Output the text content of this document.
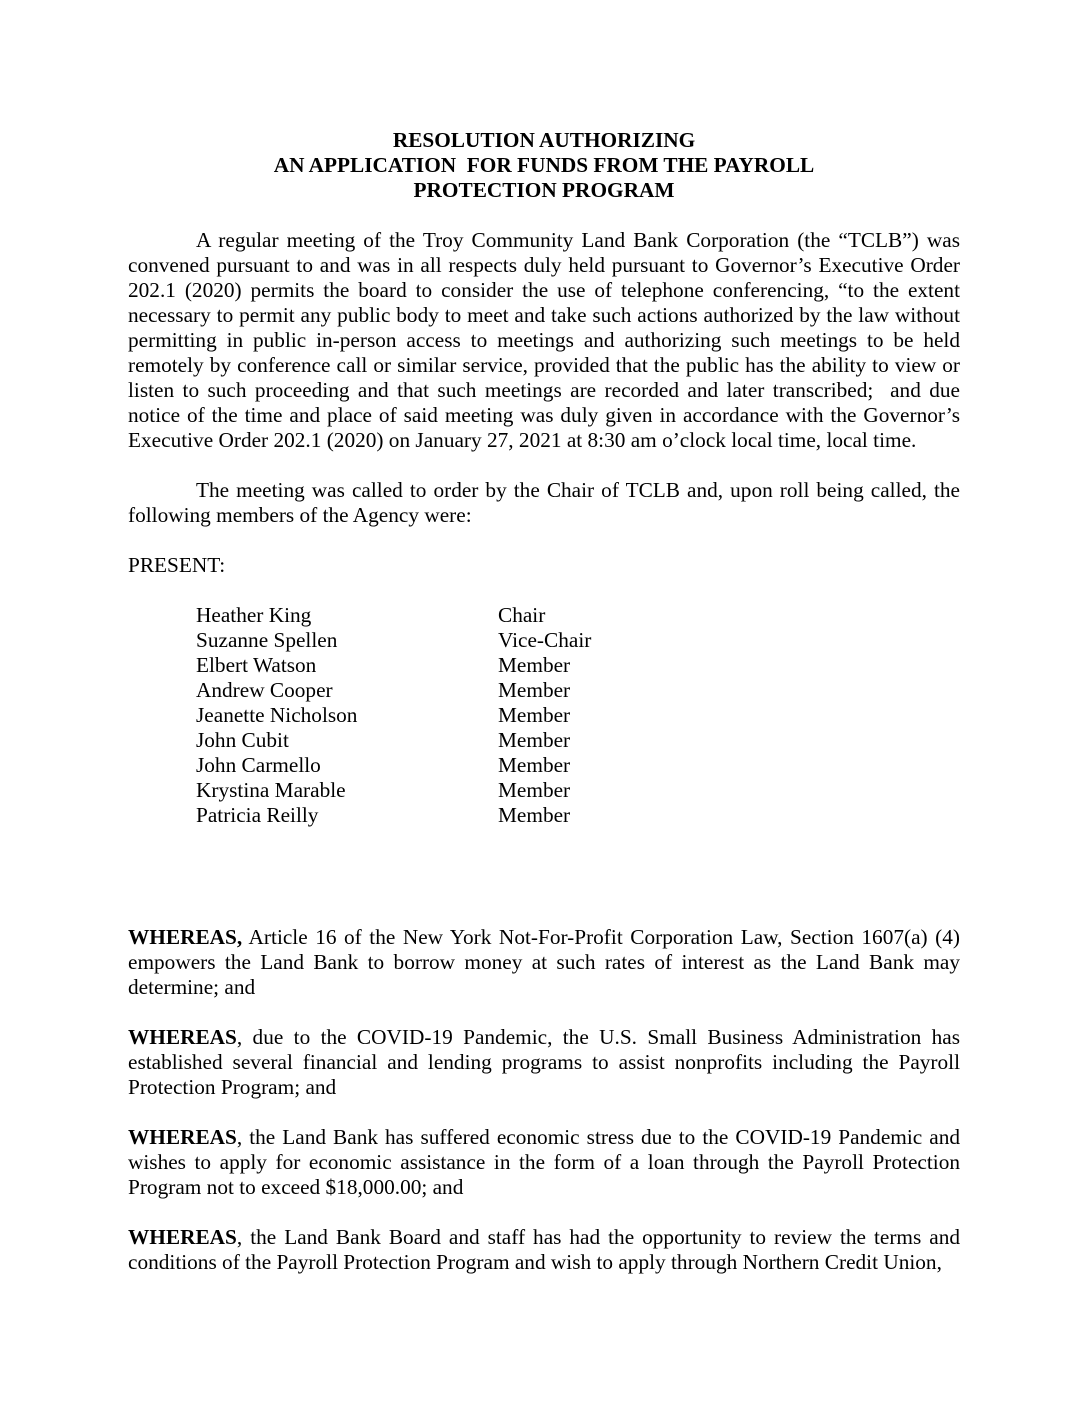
RESOLUTION AUTHORIZING
AN APPLICATION  FOR FUNDS FROM THE PAYROLL
PROTECTION PROGRAM

A regular meeting of the Troy Community Land Bank Corporation (the “TCLB”) was convened pursuant to and was in all respects duly held pursuant to Governor’s Executive Order 202.1 (2020) permits the board to consider the use of telephone conferencing, “to the extent necessary to permit any public body to meet and take such actions authorized by the law without permitting in public in-person access to meetings and authorizing such meetings to be held remotely by conference call or similar service, provided that the public has the ability to view or listen to such proceeding and that such meetings are recorded and later transcribed;  and due notice of the time and place of said meeting was duly given in accordance with the Governor’s Executive Order 202.1 (2020) on January 27, 2021 at 8:30 am o’clock local time, local time.

The meeting was called to order by the Chair of TCLB and, upon roll being called, the following members of the Agency were:

PRESENT:
Heather King	Chair
Suzanne Spellen	Vice-Chair
Elbert Watson	Member
Andrew Cooper	Member
Jeanette Nicholson	Member
John Cubit	Member
John Carmello	Member
Krystina Marable	Member
Patricia Reilly	Member

WHEREAS, Article 16 of the New York Not-For-Profit Corporation Law, Section 1607(a) (4) empowers the Land Bank to borrow money at such rates of interest as the Land Bank may determine; and

WHEREAS, due to the COVID-19 Pandemic, the U.S. Small Business Administration has established several financial and lending programs to assist nonprofits including the Payroll Protection Program; and

WHEREAS, the Land Bank has suffered economic stress due to the COVID-19 Pandemic and wishes to apply for economic assistance in the form of a loan through the Payroll Protection Program not to exceed $18,000.00; and

WHEREAS, the Land Bank Board and staff has had the opportunity to review the terms and conditions of the Payroll Protection Program and wish to apply through Northern Credit Union,
